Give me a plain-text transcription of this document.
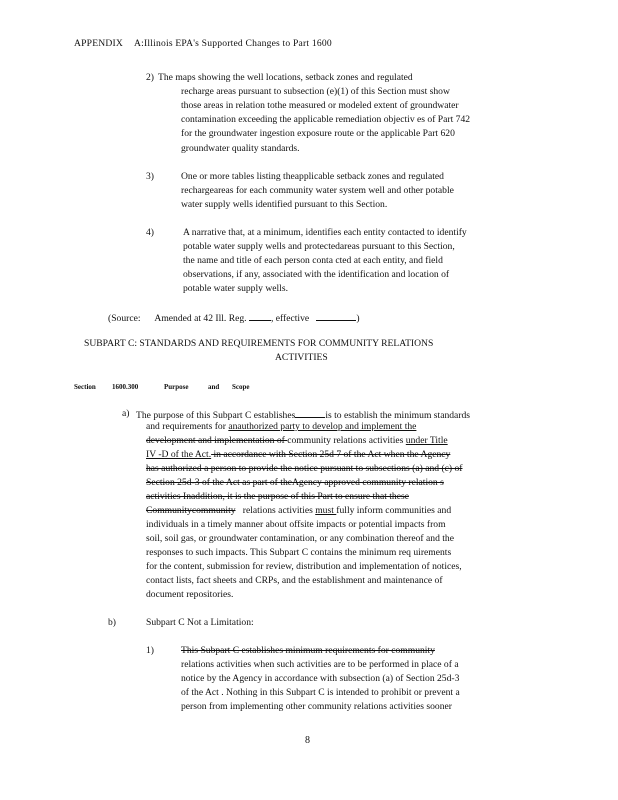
APPENDIX A:Illinois EPA's Supported Changes to Part 1600
2) The maps showing the well locations, setback zones and regulated
recharge areas pursuant to subsection (e)(1) of this Section must show
those areas in relation tothe measured or modeled extent of groundwater
contamination exceeding the applicable remediation objectiv es of Part 742
for the groundwater ingestion exposure route or the applicable Part 620
groundwater quality standards.
3)	One or more tables listing theapplicable setback zones and regulated
rechargeareas for each community water system well and other potable
water supply wells identified pursuant to this Section.
4)	A narrative that, at a minimum, identifies each entity contacted to identify
potable water supply wells and protectedareas pursuant to this Section,
the name and title of each person conta cted at each entity, and field
observations, if any, associated with the identification and location of
potable water supply wells.
(Source: Amended at 42 Ill. Reg.	, effective	)
SUBPART C: STANDARDS AND REQUIREMENTS FOR COMMUNITY RELATIONS
ACTIVITIES
Section 1600.300	Purpose	and Scope
a) The purpose of this Subpart C establishes	is to establish the minimum standards
and requirements for anauthorized party to develop and implement the
development and implementation of community relations activities under Title
IV -D of the Act. in accordance with Section 25d 7 of the Act when the Agency
has authorized a person to provide the notice pursuant to subsections (a) and (c) of
Section 25d-3 of the Act as part of theAgency approved community relation s
activities Inaddition, it is the purpose of this Part to ensure that these
Communitycommunity relations activities must fully inform communities and
individuals in a timely manner about offsite impacts or potential impacts from
soil, soil gas, or groundwater contamination, or any combination thereof and the
responses to such impacts. This Subpart C contains the minimum req uirements
for the content, submission for review, distribution and implementation of notices,
contact lists, fact sheets and CRPs, and the establishment and maintenance of
document repositories.
b)	Subpart C Not a Limitation:
1)	This Subpart C establishes minimum requirements for community
relations activities when such activities are to be performed in place of a
notice by the Agency in accordance with subsection (a) of Section 25d-3
of the Act . Nothing in this Subpart C is intended to prohibit or prevent a
person from implementing other community relations activities sooner
8
